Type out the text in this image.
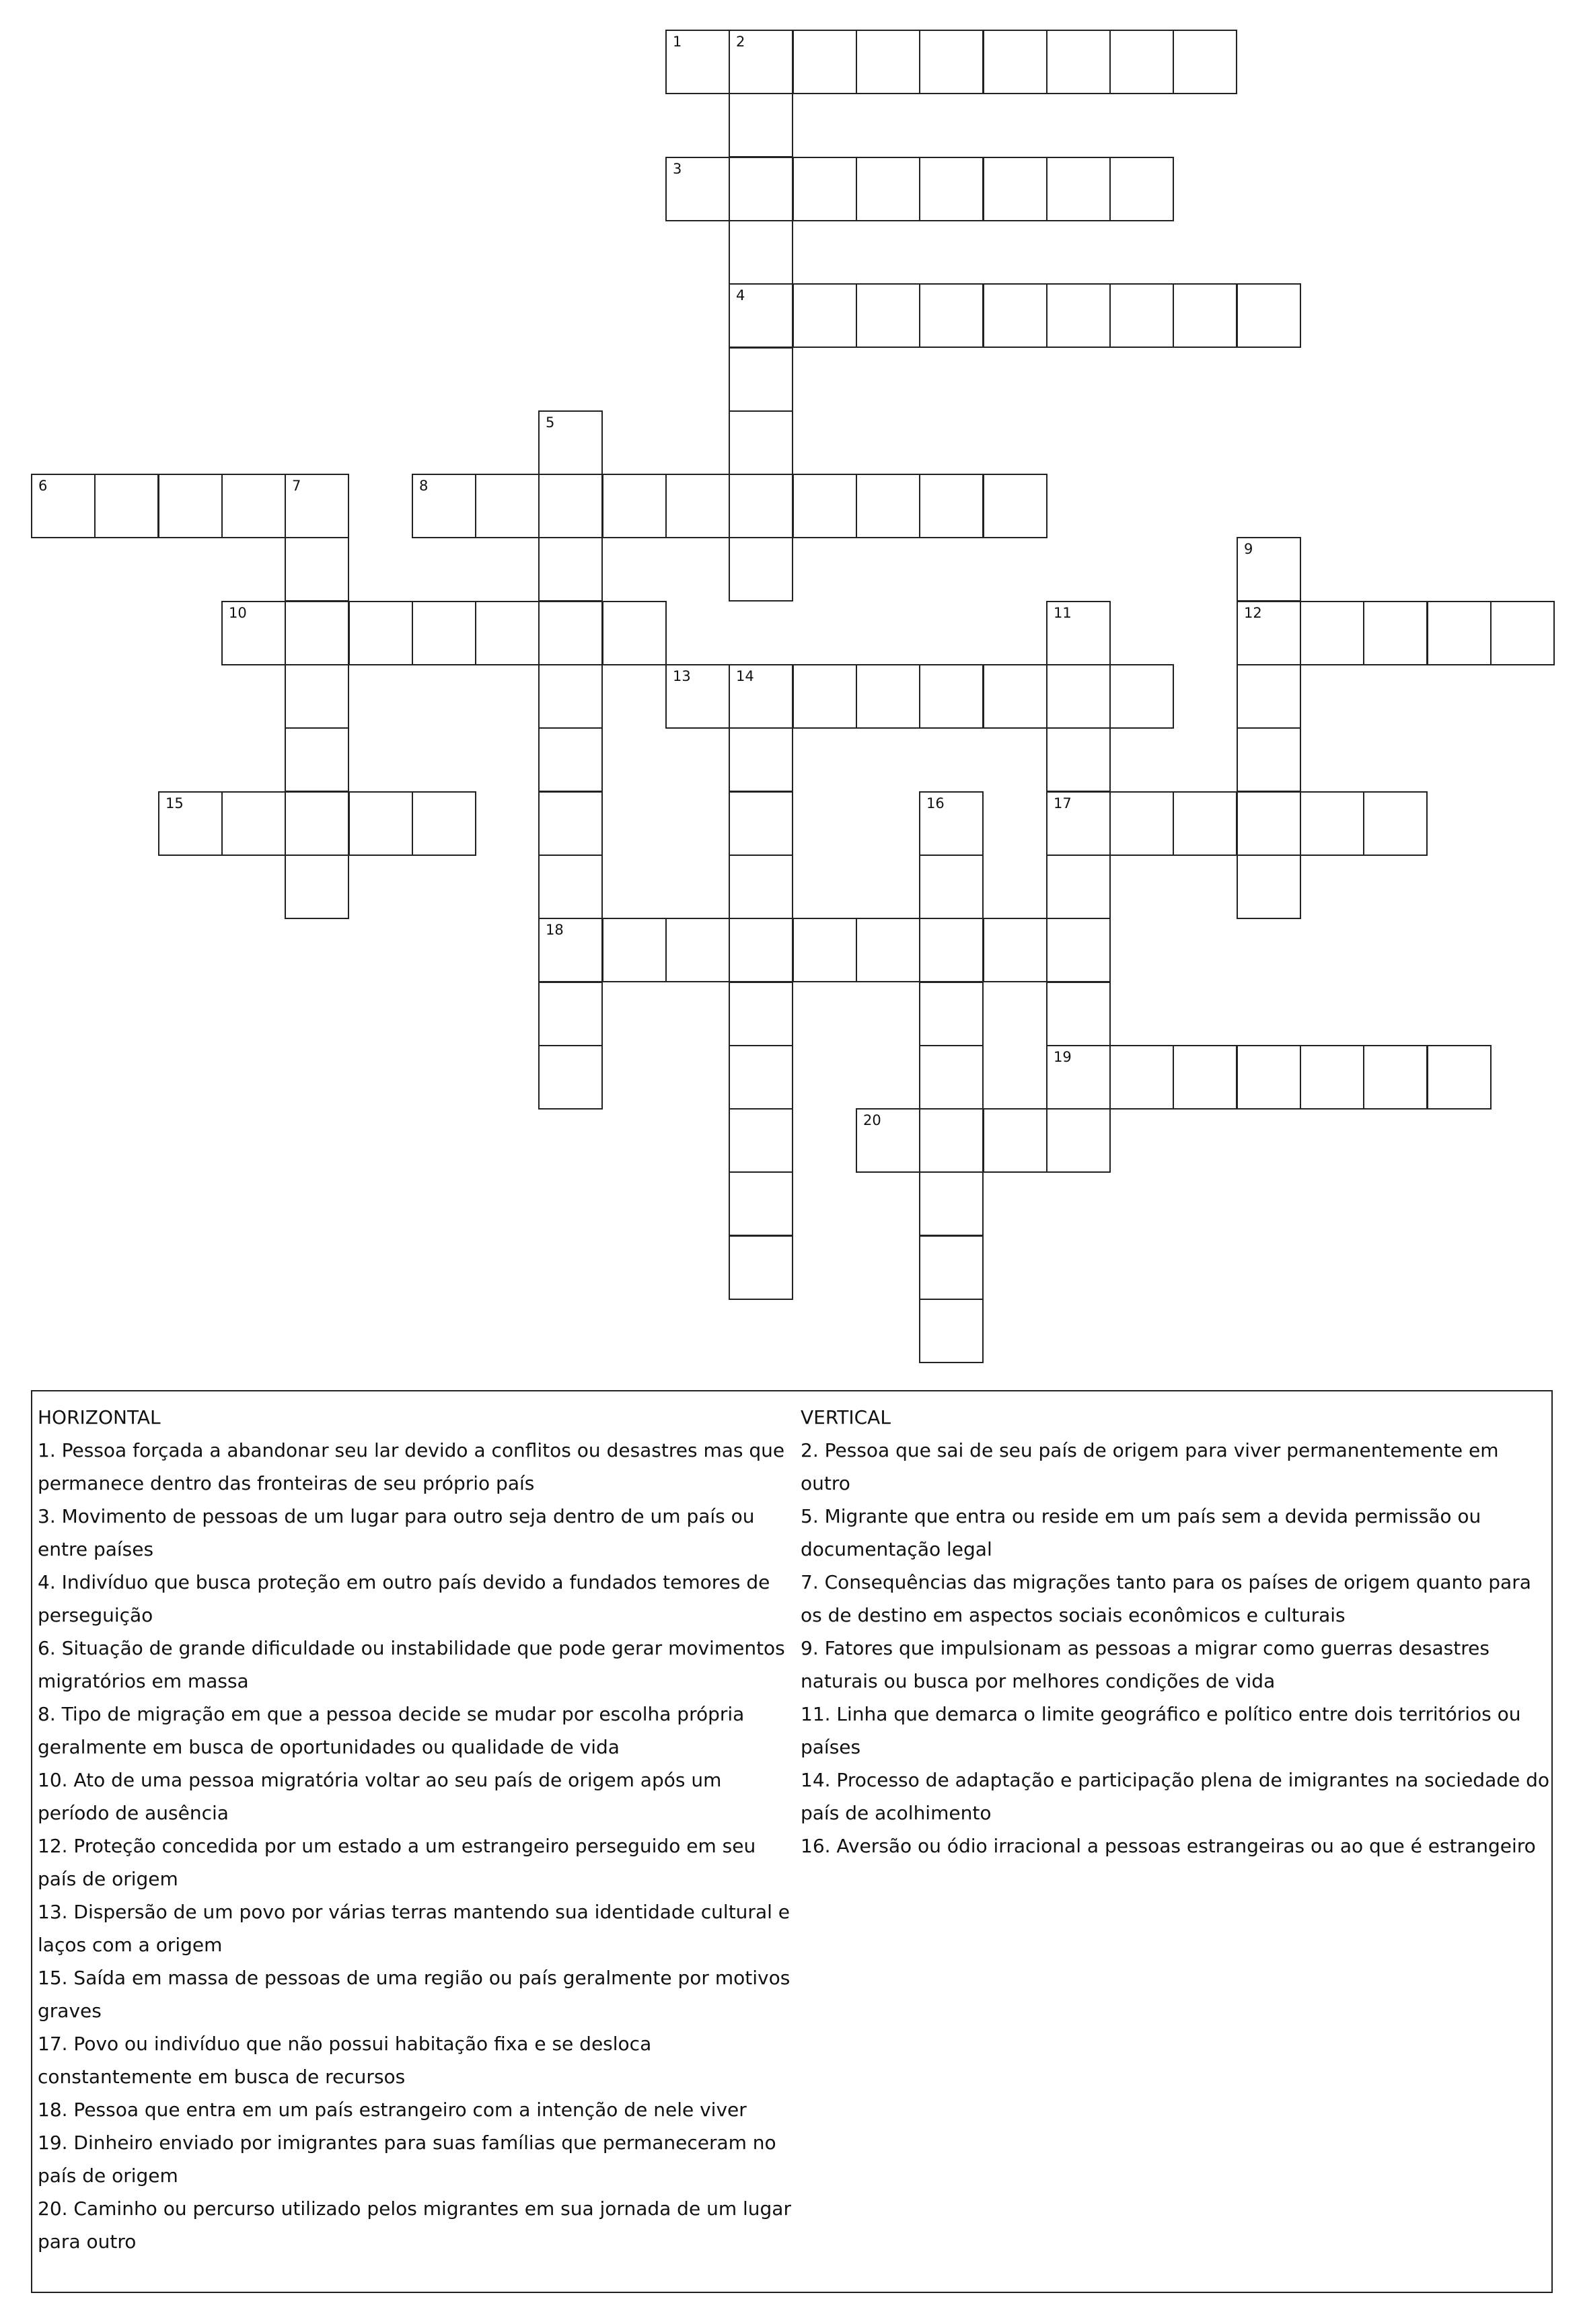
1	2
4
3
5
18
6	7	8
9
12
10	11
17
19
13	14
15	16
20

HORIZONTAL

1. Pessoa forçada a abandonar seu lar devido a conflitos ou desastres mas que permanece dentro das fronteiras de seu próprio país

3. Movimento de pessoas de um lugar para outro seja dentro de um país ou entre países

4. Indivíduo que busca proteção em outro país devido a fundados temores de perseguição

6. Situação de grande dificuldade ou instabilidade que pode gerar movimentos migratórios em massa

8. Tipo de migração em que a pessoa decide se mudar por escolha própria geralmente em busca de oportunidades ou qualidade de vida

10. Ato de uma pessoa migratória voltar ao seu país de origem após um período de ausência

12. Proteção concedida por um estado a um estrangeiro perseguido em seu país de origem

13. Dispersão de um povo por várias terras mantendo sua identidade cultural e laços com a origem

15. Saída em massa de pessoas de uma região ou país geralmente por motivos graves

17. Povo ou indivíduo que não possui habitação fixa e se desloca constantemente em busca de recursos

18. Pessoa que entra em um país estrangeiro com a intenção de nele viver

19. Dinheiro enviado por imigrantes para suas famílias que permaneceram no país de origem

20. Caminho ou percurso utilizado pelos migrantes em sua jornada de um lugar para outro

VERTICAL

2. Pessoa que sai de seu país de origem para viver permanentemente em outro

5. Migrante que entra ou reside em um país sem a devida permissão ou documentação legal

7. Consequências das migrações tanto para os países de origem quanto para os de destino em aspectos sociais econômicos e culturais

9. Fatores que impulsionam as pessoas a migrar como guerras desastres naturais ou busca por melhores condições de vida

11. Linha que demarca o limite geográfico e político entre dois territórios ou países

14. Processo de adaptação e participação plena de imigrantes na sociedade do país de acolhimento

16. Aversão ou ódio irracional a pessoas estrangeiras ou ao que é estrangeiro
